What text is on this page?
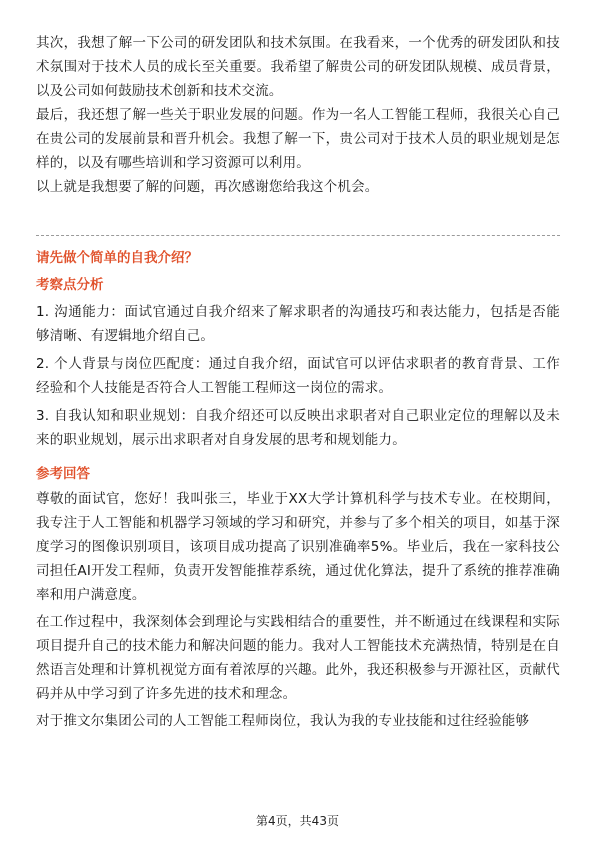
其次，我想了解一下公司的研发团队和技术氛围。在我看来，一个优秀的研发团队和技术氛围对于技术人员的成长至关重要。我希望了解贵公司的研发团队规模、成员背景，以及公司如何鼓励技术创新和技术交流。

最后，我还想了解一些关于职业发展的问题。作为一名人工智能工程师，我很关心自己在贵公司的发展前景和晋升机会。我想了解一下，贵公司对于技术人员的职业规划是怎样的，以及有哪些培训和学习资源可以利用。

以上就是我想要了解的问题，再次感谢您给我这个机会。

请先做个简单的自我介绍？

考察点分析

1. 沟通能力：面试官通过自我介绍来了解求职者的沟通技巧和表达能力，包括是否能够清晰、有逻辑地介绍自己。

2. 个人背景与岗位匹配度：通过自我介绍，面试官可以评估求职者的教育背景、工作经验和个人技能是否符合人工智能工程师这一岗位的需求。

3. 自我认知和职业规划：自我介绍还可以反映出求职者对自己职业定位的理解以及未来的职业规划，展示出求职者对自身发展的思考和规划能力。

参考回答

尊敬的面试官，您好！我叫张三，毕业于XX大学计算机科学与技术专业。在校期间，我专注于人工智能和机器学习领域的学习和研究，并参与了多个相关的项目，如基于深度学习的图像识别项目，该项目成功提高了识别准确率5%。毕业后，我在一家科技公司担任AI开发工程师，负责开发智能推荐系统，通过优化算法，提升了系统的推荐准确率和用户满意度。

在工作过程中，我深刻体会到理论与实践相结合的重要性，并不断通过在线课程和实际项目提升自己的技术能力和解决问题的能力。我对人工智能技术充满热情，特别是在自然语言处理和计算机视觉方面有着浓厚的兴趣。此外，我还积极参与开源社区，贡献代码并从中学习到了许多先进的技术和理念。

对于推文尔集团公司的人工智能工程师岗位，我认为我的专业技能和过往经验能够

第4页，共43页
